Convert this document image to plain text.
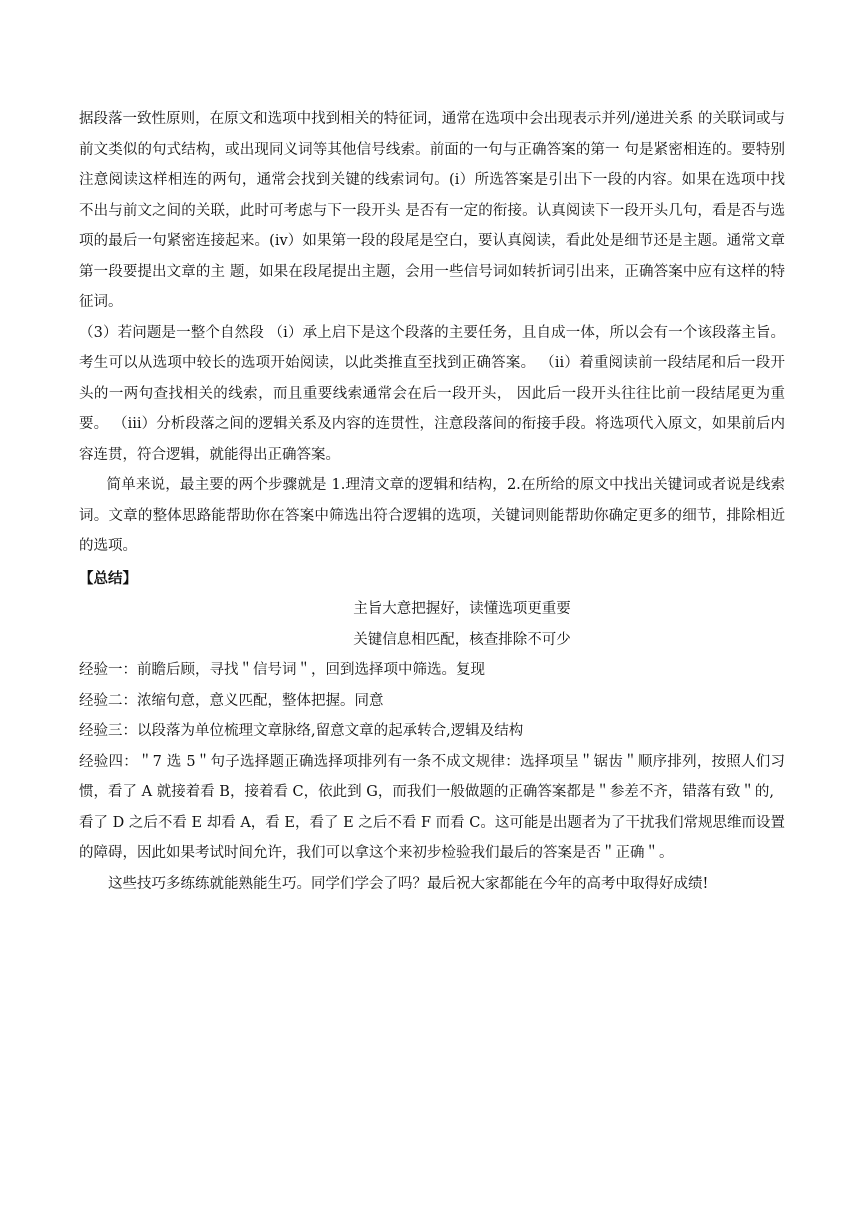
据段落一致性原则，在原文和选项中找到相关的特征词，通常在选项中会出现表示并列/递进关系 的关联词或与前文类似的句式结构，或出现同义词等其他信号线索。前面的一句与正确答案的第一 句是紧密相连的。要特别注意阅读这样相连的两句，通常会找到关键的线索词句。(i）所选答案是引出下一段的内容。如果在选项中找不出与前文之间的关联，此时可考虑与下一段开头 是否有一定的衔接。认真阅读下一段开头几句，看是否与选项的最后一句紧密连接起来。(iv）如果第一段的段尾是空白，要认真阅读，看此处是细节还是主题。通常文章第一段要提出文章的主 题，如果在段尾提出主题，会用一些信号词如转折词引出来，正确答案中应有这样的特征词。

（3）若问题是一整个自然段 （i）承上启下是这个段落的主要任务，且自成一体，所以会有一个该段落主旨。考生可以从选项中较长的选项开始阅读，以此类推直至找到正确答案。 （ii）着重阅读前一段结尾和后一段开头的一两句查找相关的线索，而且重要线索通常会在后一段开头， 因此后一段开头往往比前一段结尾更为重要。 （iii）分析段落之间的逻辑关系及内容的连贯性，注意段落间的衔接手段。将选项代入原文，如果前后内容连贯，符合逻辑，就能得出正确答案。

简单来说，最主要的两个步骤就是 1.理清文章的逻辑和结构，2.在所给的原文中找出关键词或者说是线索词。文章的整体思路能帮助你在答案中筛选出符合逻辑的选项，关键词则能帮助你确定更多的细节，排除相近的选项。

【总结】

主旨大意把握好，读懂选项更重要

关键信息相匹配，核查排除不可少

经验一：前瞻后顾，寻找＂信号词＂，回到选择项中筛选。复现

经验二：浓缩句意，意义匹配，整体把握。同意

经验三：以段落为单位梳理文章脉络,留意文章的起承转合,逻辑及结构

经验四：＂7 选 5＂句子选择题正确选择项排列有一条不成文规律：选择项呈＂锯齿＂顺序排列，按照人们习惯，看了 A 就接着看 B，接着看 C，依此到 G，而我们一般做题的正确答案都是＂参差不齐，错落有致＂的,

看了 D 之后不看 E 却看 A，看 E，看了 E 之后不看 F 而看 C。这可能是出题者为了干扰我们常规思维而设置的障碍，因此如果考试时间允许，我们可以拿这个来初步检验我们最后的答案是否＂正确＂。

这些技巧多练练就能熟能生巧。同学们学会了吗？最后祝大家都能在今年的高考中取得好成绩!
